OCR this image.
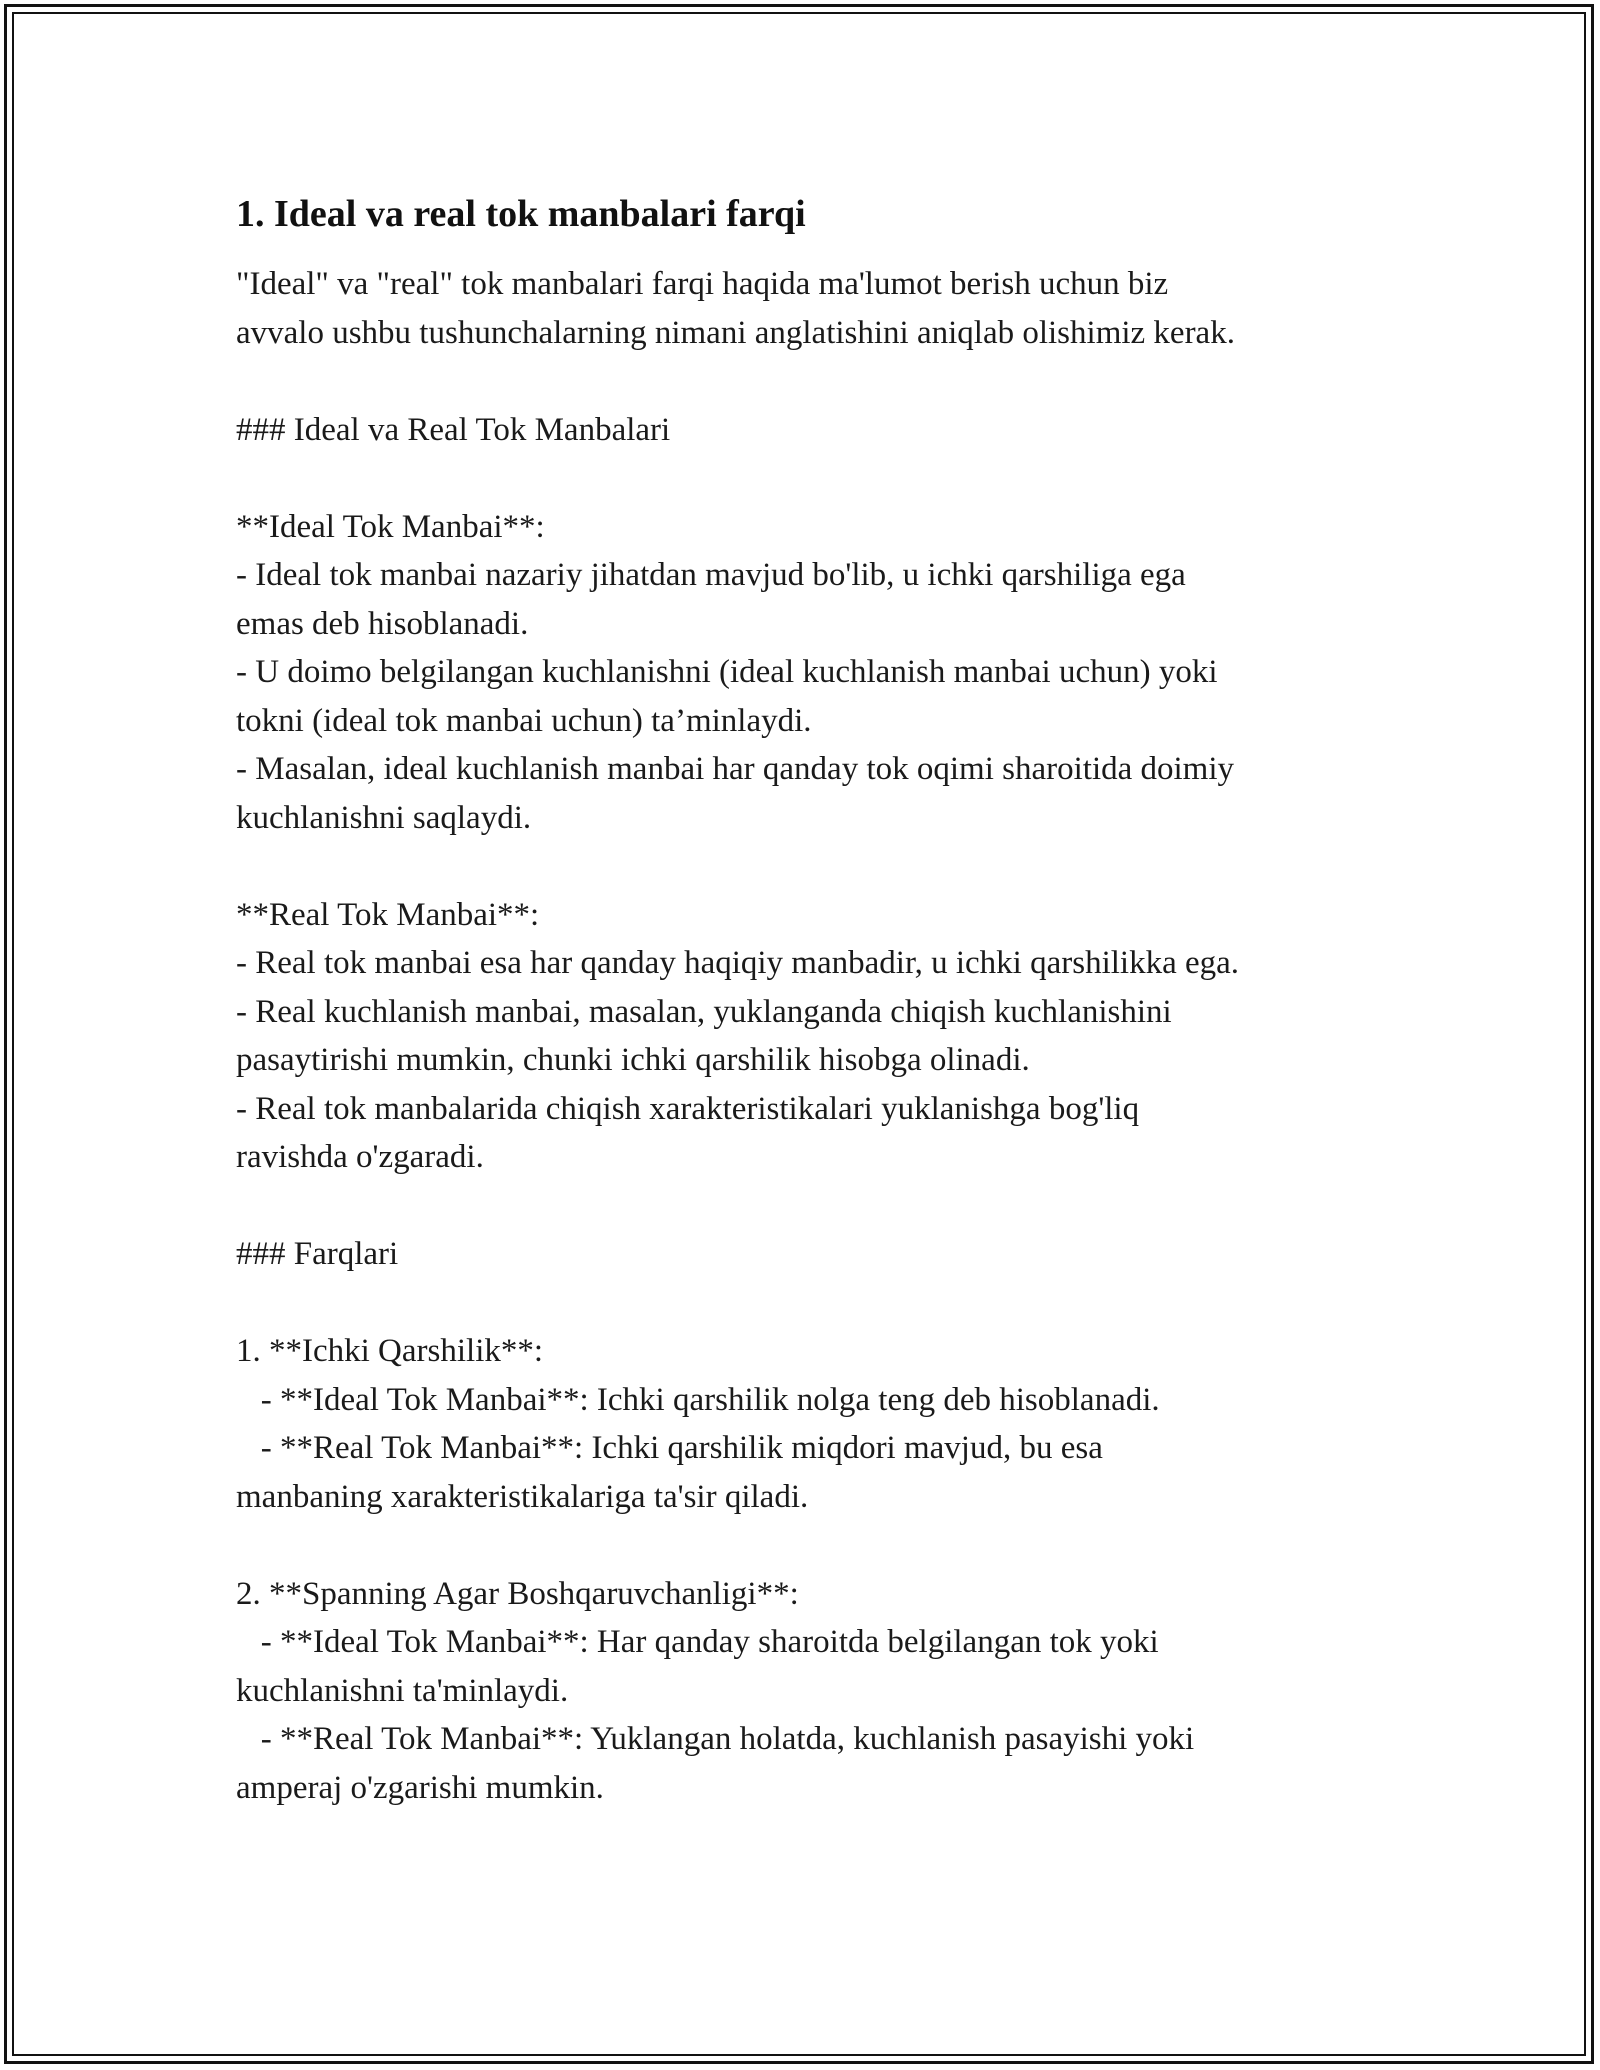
1. Ideal va real tok manbalari farqi

"Ideal" va "real" tok manbalari farqi haqida ma'lumot berish uchun biz

avvalo ushbu tushunchalarning nimani anglatishini aniqlab olishimiz kerak.

### Ideal va Real Tok Manbalari

**Ideal Tok Manbai**:

- Ideal tok manbai nazariy jihatdan mavjud bo'lib, u ichki qarshiliga ega

emas deb hisoblanadi.

- U doimo belgilangan kuchlanishni (ideal kuchlanish manbai uchun) yoki

tokni (ideal tok manbai uchun) ta’minlaydi.

- Masalan, ideal kuchlanish manbai har qanday tok oqimi sharoitida doimiy

kuchlanishni saqlaydi.

**Real Tok Manbai**:

- Real tok manbai esa har qanday haqiqiy manbadir, u ichki qarshilikka ega.

- Real kuchlanish manbai, masalan, yuklanganda chiqish kuchlanishini

pasaytirishi mumkin, chunki ichki qarshilik hisobga olinadi.

- Real tok manbalarida chiqish xarakteristikalari yuklanishga bog'liq

ravishda o'zgaradi.

### Farqlari

1. **Ichki Qarshilik**:

- **Ideal Tok Manbai**: Ichki qarshilik nolga teng deb hisoblanadi.

- **Real Tok Manbai**: Ichki qarshilik miqdori mavjud, bu esa

manbaning xarakteristikalariga ta'sir qiladi.

2. **Spanning Agar Boshqaruvchanligi**:

- **Ideal Tok Manbai**: Har qanday sharoitda belgilangan tok yoki

kuchlanishni ta'minlaydi.

- **Real Tok Manbai**: Yuklangan holatda, kuchlanish pasayishi yoki

amperaj o'zgarishi mumkin.
